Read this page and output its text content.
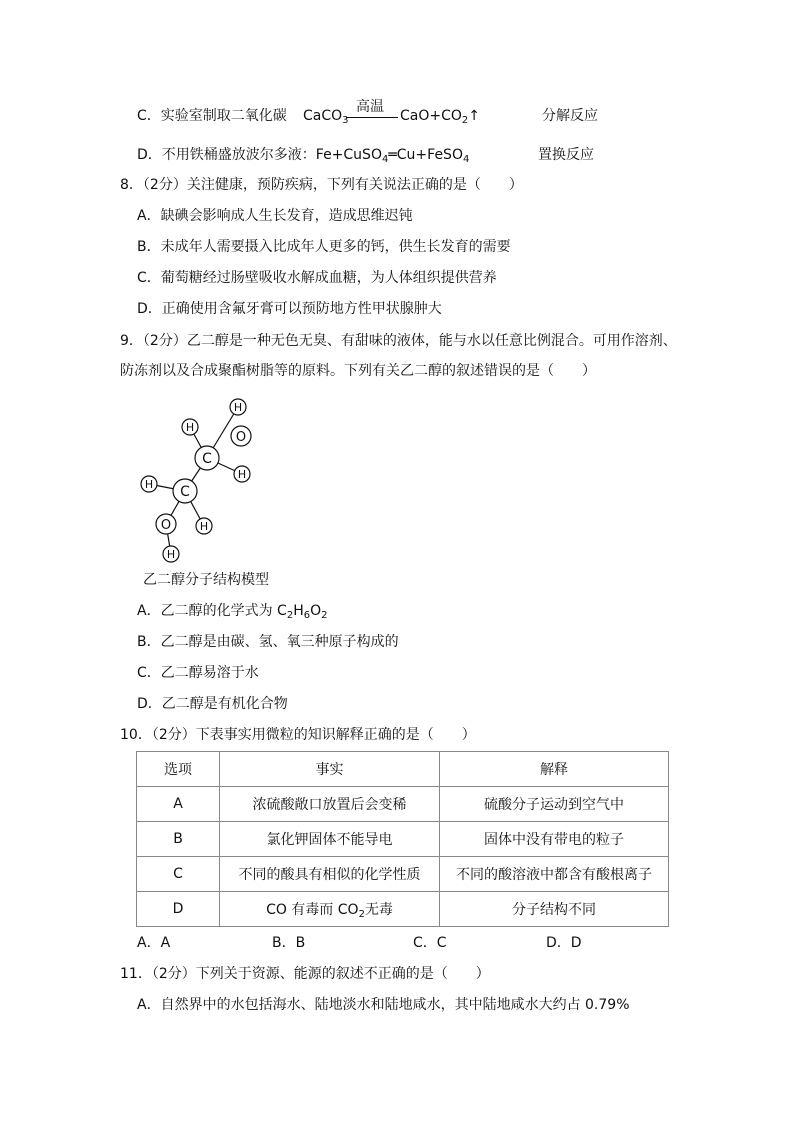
C．实验室制取二氧化碳 CaCO$_3$
高温
$CaO+CO_2↑$	分解反应
D．不用铁桶盛放波尔多液：Fe+CuSO$_4$═Cu+FeSO$_4$	置换反应
8．（2分）关注健康，预防疾病，下列有关说法正确的是（　　）
A．缺碘会影响成人生长发育，造成思维迟钝
B．未成年人需要摄入比成年人更多的钙，供生长发育的需要
C．葡萄糖经过肠壁吸收水解成血糖，为人体组织提供营养
D．正确使用含氟牙膏可以预防地方性甲状腺肿大
9．（2分）乙二醇是一种无色无臭、有甜味的液体，能与水以任意比例混合。可用作溶剂、
防冻剂以及合成聚酯树脂等的原料。下列有关乙二醇的叙述错误的是（　　）
H
O
H
C
H
H C
O	H
H
乙二醇分子结构模型
A．乙二醇的化学式为 $C_2H_6O_2$
B．乙二醇是由碳、氢、氧三种原子构成的
C．乙二醇易溶于水
D．乙二醇是有机化合物
10．（2分）下表事实用微粒的知识解释正确的是（　　）
选项	事实	解释
A	浓硫酸敞口放置后会变稀	硫酸分子运动到空气中
B	氯化钾固体不能导电	固体中没有带电的粒子
C	不同的酸具有相似的化学性质	不同的酸溶液中都含有酸根离子
D	CO 有毒而 $CO_2$无毒	分子结构不同
A．A	B．B	C．C	D．D
11．（2分）下列关于资源、能源的叙述不正确的是（　　）
A．自然界中的水包括海水、陆地淡水和陆地咸水，其中陆地咸水大约占 0.79%
